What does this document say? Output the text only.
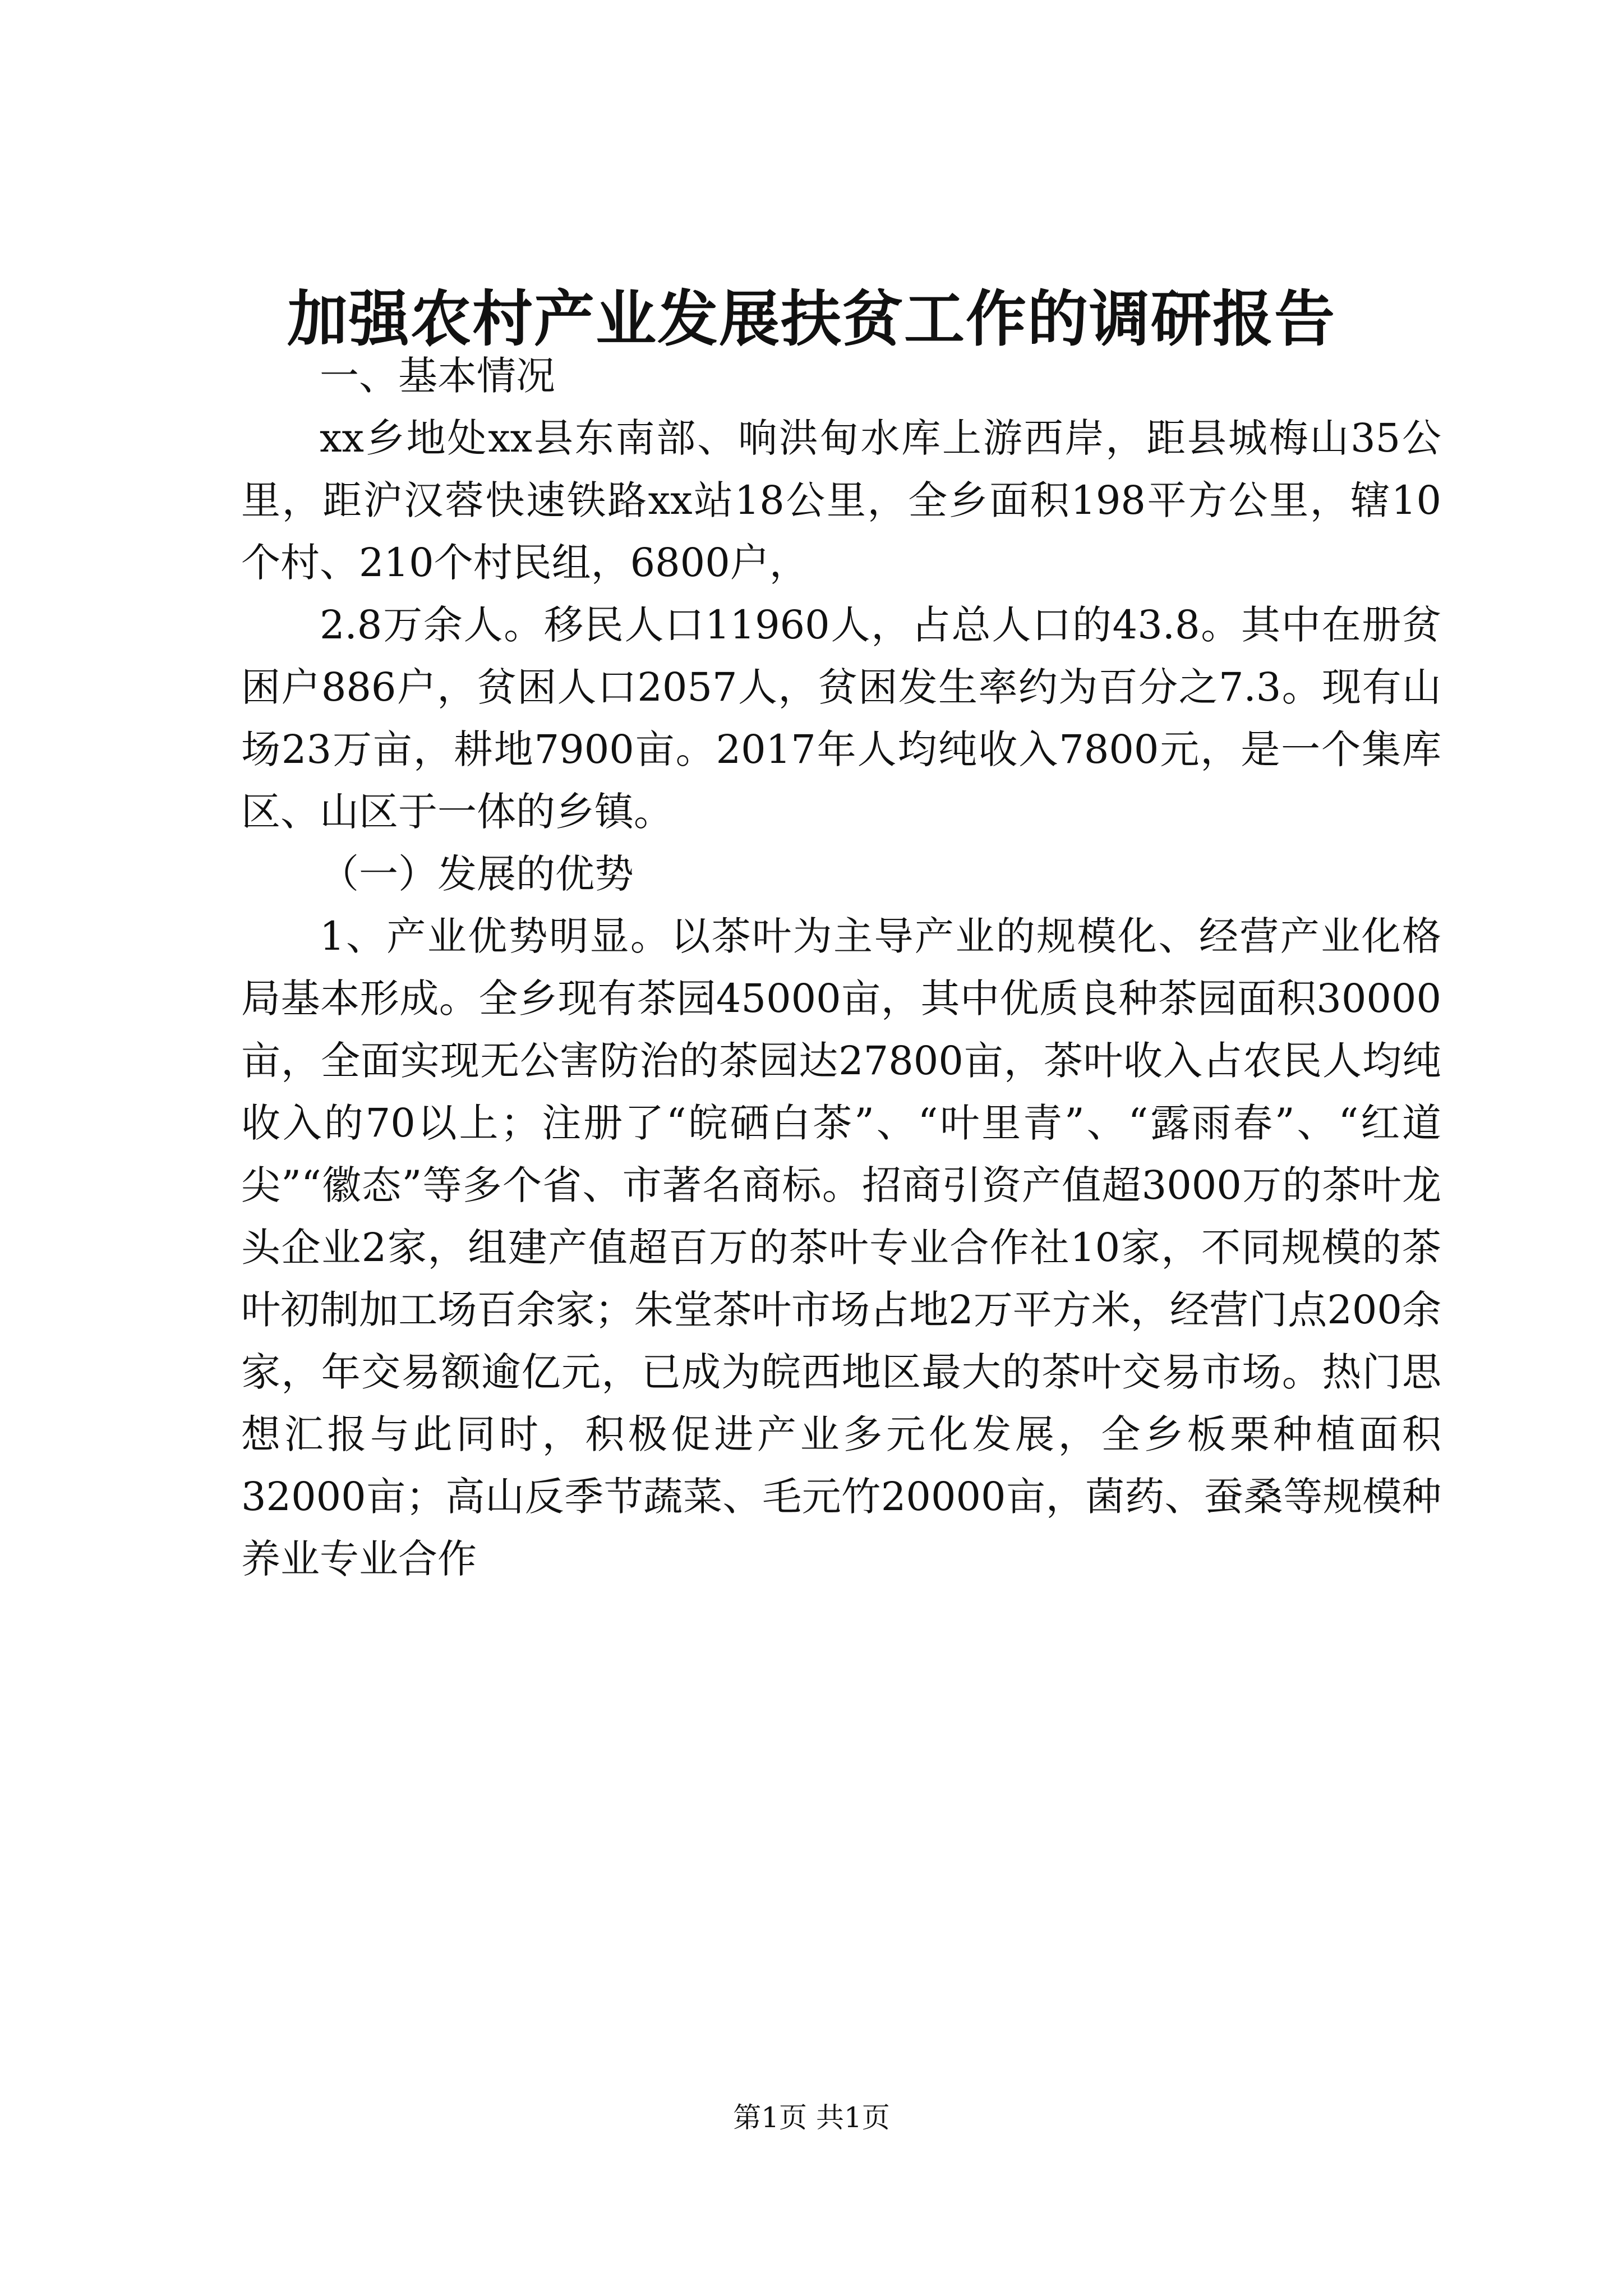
加强农村产业发展扶贫工作的调研报告

一、基本情况

xx乡地处xx县东南部、响洪甸水库上游西岸，距县城梅山35公里，距沪汉蓉快速铁路xx站18公里，全乡面积198平方公里，辖10个村、210个村民组，6800户，

2.8万余人。移民人口11960人，占总人口的43.8。其中在册贫困户886户，贫困人口2057人，贫困发生率约为百分之7.3。现有山场23万亩，耕地7900亩。2017年人均纯收入7800元，是一个集库区、山区于一体的乡镇。

（一）发展的优势

1、产业优势明显。以茶叶为主导产业的规模化、经营产业化格局基本形成。全乡现有茶园45000亩，其中优质良种茶园面积30000亩，全面实现无公害防治的茶园达27800亩，茶叶收入占农民人均纯收入的70以上；注册了“皖硒白茶”、“叶里青”、“露雨春”、“红道尖”“徽态”等多个省、市著名商标。招商引资产值超3000万的茶叶龙头企业2家，组建产值超百万的茶叶专业合作社10家，不同规模的茶叶初制加工场百余家；朱堂茶叶市场占地2万平方米，经营门点200余家，年交易额逾亿元，已成为皖西地区最大的茶叶交易市场。热门思想汇报与此同时，积极促进产业多元化发展，全乡板栗种植面积32000亩；高山反季节蔬菜、毛元竹20000亩，菌药、蚕桑等规模种养业专业合作

第1页 共1页
